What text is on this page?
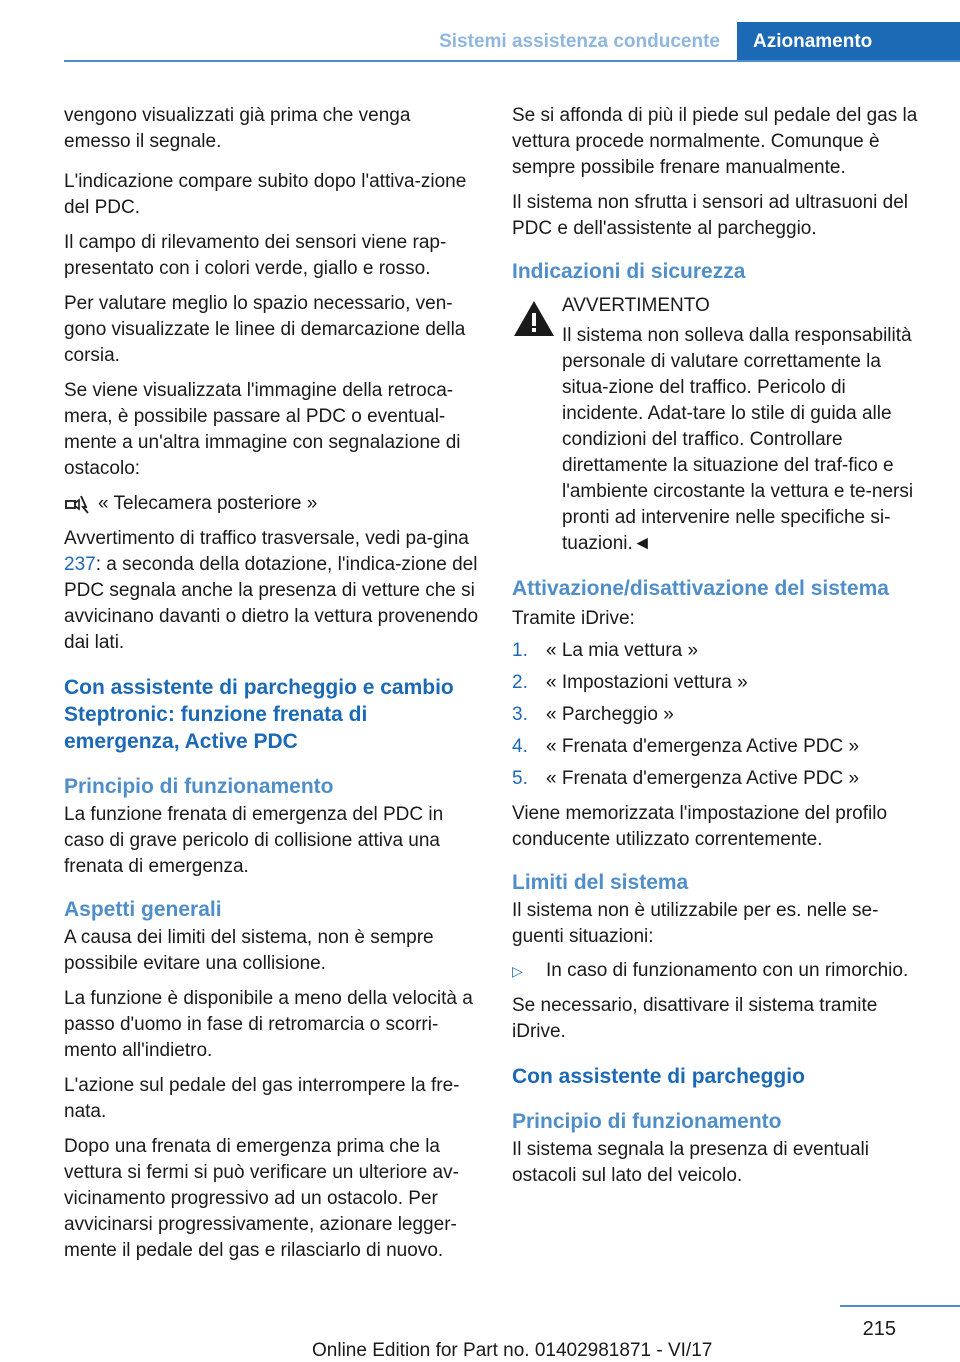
Sistemi assistenza conducente	Azionamento

vengono visualizzati già prima che venga emesso il segnale.

L'indicazione compare subito dopo l'attiva‐zione del PDC.

Il campo di rilevamento dei sensori viene rap‐presentato con i colori verde, giallo e rosso.

Per valutare meglio lo spazio necessario, ven‐gono visualizzate le linee di demarcazione della corsia.

Se viene visualizzata l'immagine della retroca‐mera, è possibile passare al PDC o eventual‐mente a un'altra immagine con segnalazione di ostacolo:

« Telecamera posteriore »

Avvertimento di traffico trasversale, vedi pa‐gina 237: a seconda della dotazione, l'indica‐zione del PDC segnala anche la presenza di vetture che si avvicinano davanti o dietro la vettura provenendo dai lati.

Con assistente di parcheggio e cambio Steptronic: funzione frenata di emergenza, Active PDC
Principio di funzionamento

La funzione frenata di emergenza del PDC in caso di grave pericolo di collisione attiva una frenata di emergenza.

Aspetti generali

A causa dei limiti del sistema, non è sempre possibile evitare una collisione.

La funzione è disponibile a meno della velocità a passo d'uomo in fase di retromarcia o scorri‐mento all'indietro.

L'azione sul pedale del gas interrompere la fre‐nata.

Dopo una frenata di emergenza prima che la vettura si fermi si può verificare un ulteriore av‐vicinamento progressivo ad un ostacolo. Per avvicinarsi progressivamente, azionare legger‐mente il pedale del gas e rilasciarlo di nuovo.

Se si affonda di più il piede sul pedale del gas la vettura procede normalmente. Comunque è sempre possibile frenare manualmente.

Il sistema non sfrutta i sensori ad ultrasuoni del PDC e dell'assistente al parcheggio.

Indicazioni di sicurezza

AVVERTIMENTO

Il sistema non solleva dalla responsabilità personale di valutare correttamente la situa‐zione del traffico. Pericolo di incidente. Adat‐tare lo stile di guida alle condizioni del traffico. Controllare direttamente la situazione del traf‐fico e l'ambiente circostante la vettura e te‐nersi pronti ad intervenire nelle specifiche si‐tuazioni.◄

Attivazione/disattivazione del sistema

Tramite iDrive:

1. « La mia vettura »
2. « Impostazioni vettura »
3. « Parcheggio »
4. « Frenata d'emergenza Active PDC »
5. « Frenata d'emergenza Active PDC »

Viene memorizzata l'impostazione del profilo conducente utilizzato correntemente.

Limiti del sistema

Il sistema non è utilizzabile per es. nelle se‐guenti situazioni:

▷	In caso di funzionamento con un rimorchio.

Se necessario, disattivare il sistema tramite iDrive.

Con assistente di parcheggio
Principio di funzionamento

Il sistema segnala la presenza di eventuali ostacoli sul lato del veicolo.

215
Online Edition for Part no. 01402981871 - VI/17
